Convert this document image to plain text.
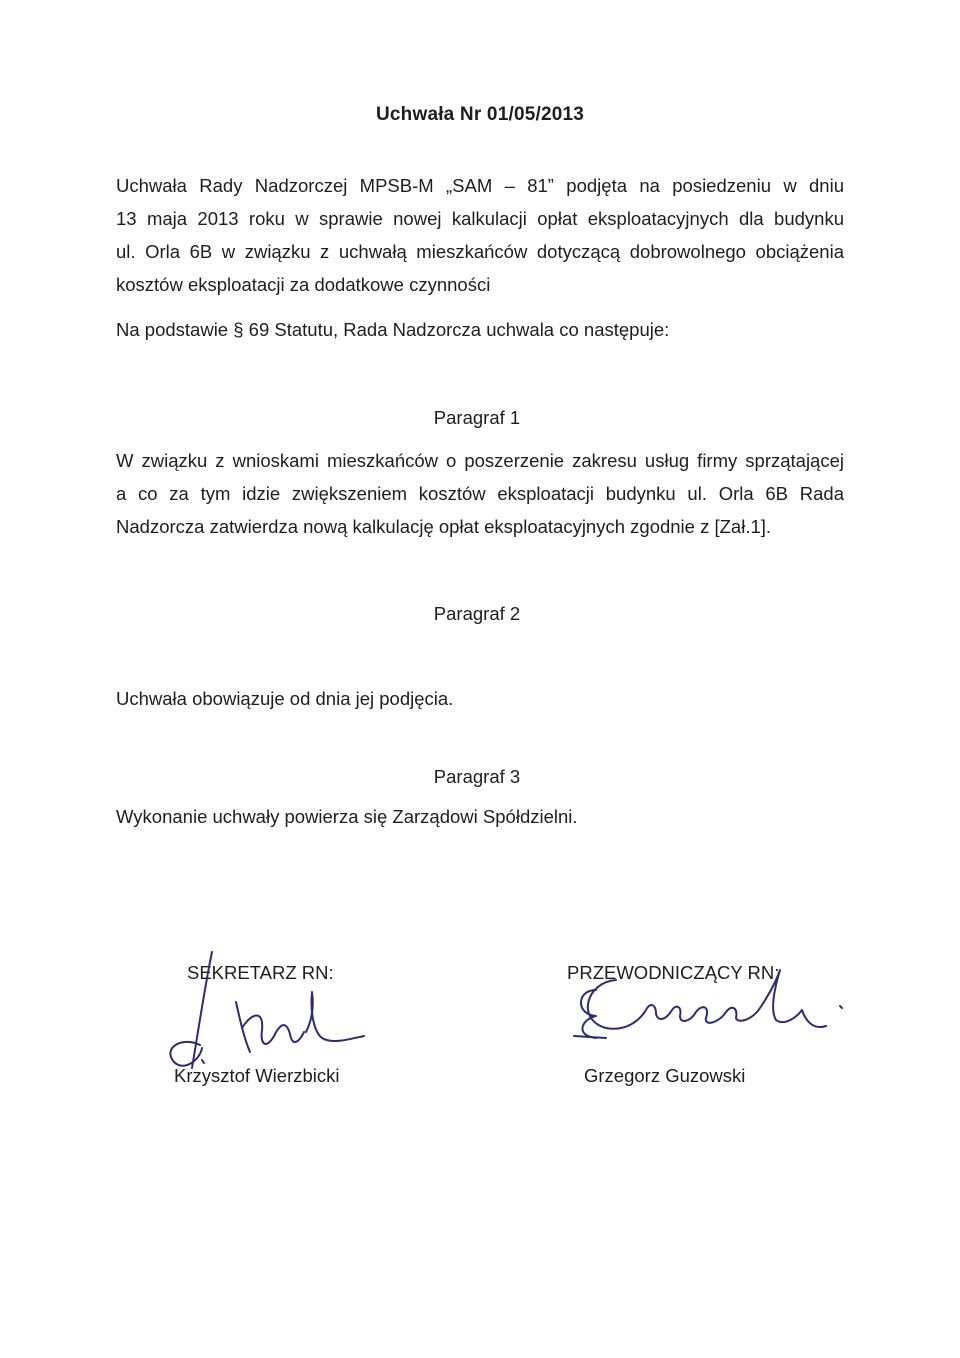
Uchwała Nr 01/05/2013
Uchwała Rady Nadzorczej MPSB-M „SAM – 81” podjęta na posiedzeniu w dniu
13 maja 2013 roku w sprawie nowej kalkulacji opłat eksploatacyjnych dla budynku
ul. Orla 6B w związku z uchwałą mieszkańców dotyczącą dobrowolnego obciążenia
kosztów eksploatacji za dodatkowe czynności
Na podstawie § 69 Statutu, Rada Nadzorcza uchwala co następuje:
Paragraf 1
W związku z wnioskami mieszkańców o poszerzenie zakresu usług firmy sprzątającej
a co za tym idzie zwiększeniem kosztów eksploatacji budynku ul. Orla 6B Rada
Nadzorcza zatwierdza nową kalkulację opłat eksploatacyjnych zgodnie z [Zał.1].
Paragraf 2
Uchwała obowiązuje od dnia jej podjęcia.
Paragraf 3
Wykonanie uchwały powierza się Zarządowi Spółdzielni.
SEKRETARZ RN:
Krzysztof Wierzbicki
PRZEWODNICZĄCY RN:
Grzegorz Guzowski
